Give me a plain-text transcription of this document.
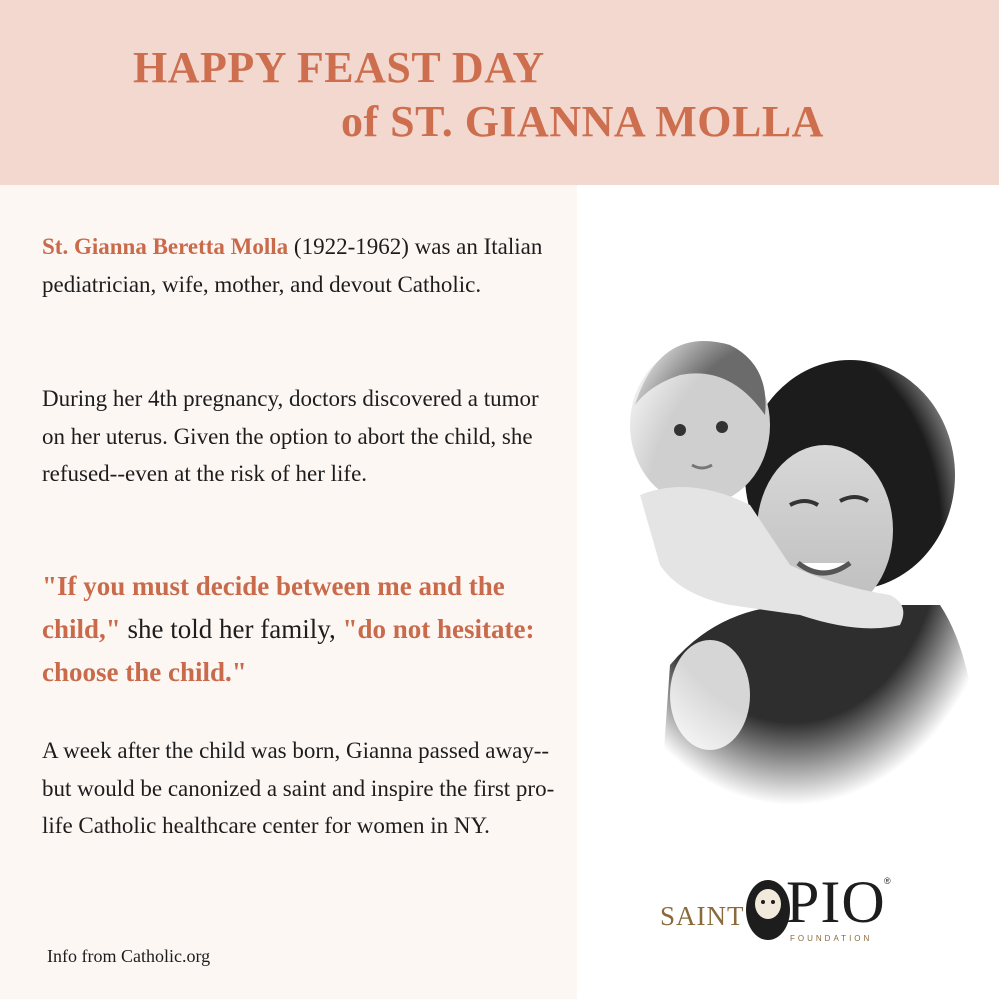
HAPPY FEAST DAY
of ST. GIANNA MOLLA

St. Gianna Beretta Molla (1922-1962) was an Italian pediatrician, wife, mother, and devout Catholic.

During her 4th pregnancy, doctors discovered a tumor on her uterus. Given the option to abort the child, she refused--even at the risk of her life.

"If you must decide between me and the child," she told her family, "do not hesitate: choose the child."

A week after the child was born, Gianna passed away--but would be canonized a saint and inspire the first pro-life Catholic healthcare center for women in NY.

Info from Catholic.org

SAINT PIO
®
FOUNDATION
